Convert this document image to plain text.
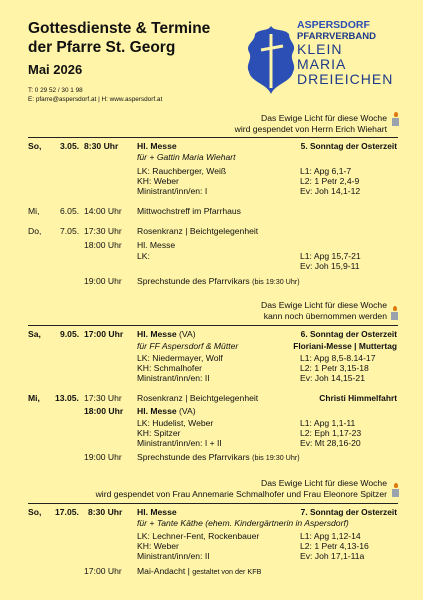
Gottesdienste & Termine
der Pfarre St. Georg
Mai 2026
T: 0 29 52 / 30 1 98
E: pfarre@aspersdorf.at | H: www.aspersdorf.at
ASPERSDORF
PFARRVERBAND
KLEIN
MARIA
DREIEICHEN
Das Ewige Licht für diese Woche
wird gespendet von Herrn Erich Wiehart
So, 3.05. 8:30 Uhr Hl. Messe	5. Sonntag der Osterzeit
für + Gattin Maria Wiehart
LK: Rauchberger, Weiß
KH: Weber
Ministrant/inn/en: I
L1: Apg 6,1-7
L2: 1 Petr 2,4-9
Ev: Joh 14,1-12
Mi, 6.05. 14:00 Uhr Mittwochstreff im Pfarrhaus
Do, 7.05. 17:30 Uhr Rosenkranz | Beichtgelegenheit
18:00 Uhr Hl. Messe
LK:	L1: Apg 15,7-21
Ev: Joh 15,9-11
19:00 Uhr Sprechstunde des Pfarrvikars (bis 19:30 Uhr)
Das Ewige Licht für diese Woche
kann noch übernommen werden
Sa, 9.05. 17:00 Uhr Hl. Messe (VA)	6. Sonntag der Osterzeit
für FF Aspersdorf & Mütter	Floriani-Messe | Muttertag
LK: Niedermayer, Wolf
KH: Schmalhofer
Ministrant/inn/en: II
L1: Apg 8,5-8.14-17
L2: 1 Petr 3,15-18
Ev: Joh 14,15-21
Mi, 13.05. 17:30 Uhr Rosenkranz | Beichtgelegenheit	Christi Himmelfahrt
18:00 Uhr Hl. Messe (VA)
LK: Hudelist, Weber
KH: Spitzer
Ministrant/inn/en: I + II
L1: Apg 1,1-11
L2: Eph 1,17-23
Ev: Mt 28,16-20
19:00 Uhr Sprechstunde des Pfarrvikars (bis 19:30 Uhr)
Das Ewige Licht für diese Woche
wird gespendet von Frau Annemarie Schmalhofer und Frau Eleonore Spitzer
So, 17.05. 8:30 Uhr Hl. Messe	7. Sonntag der Osterzeit
für + Tante Käthe (ehem. Kindergärtnerin in Aspersdorf)
LK: Lechner-Fent, Rockenbauer
KH: Weber
Ministrant/inn/en: II
L1: Apg 1,12-14
L2: 1 Petr 4,13-16
Ev: Joh 17,1-11a
17:00 Uhr Mai-Andacht | gestaltet von der KFB
